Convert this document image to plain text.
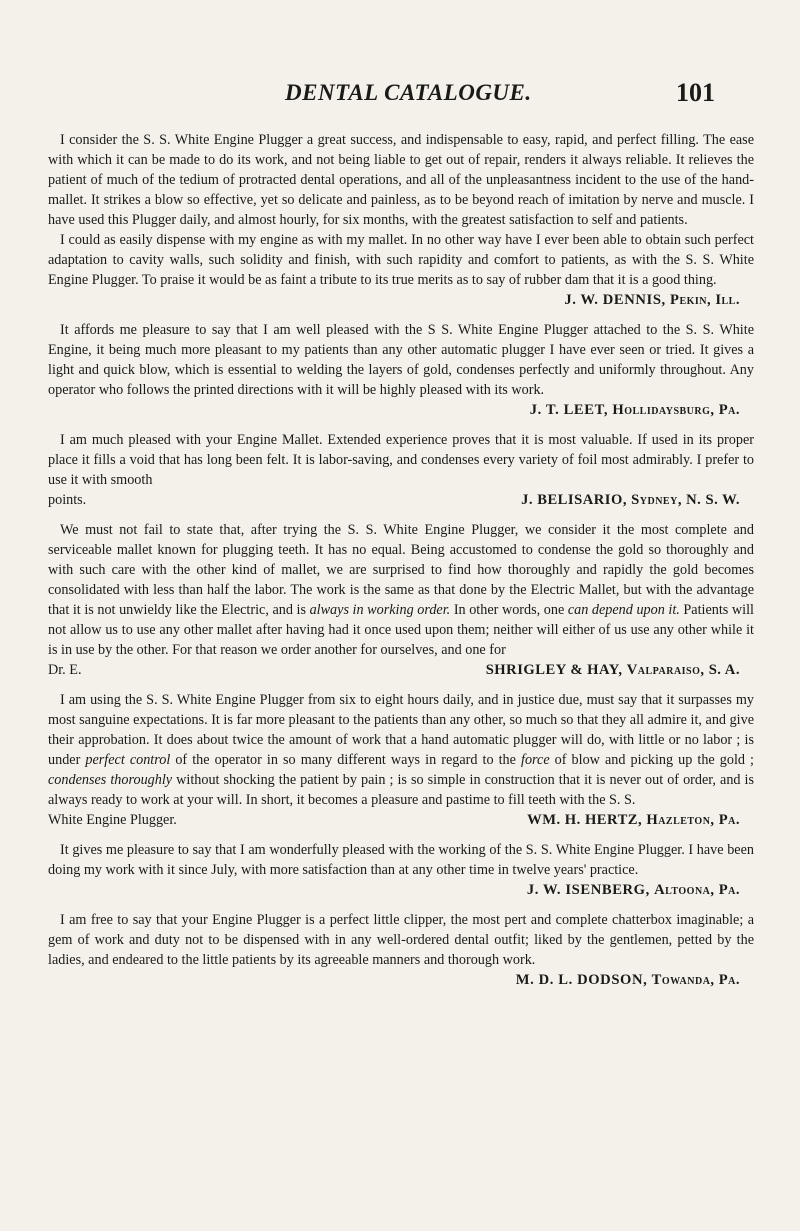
DENTAL CATALOGUE.	101

I consider the S. S. White Engine Plugger a great success, and indispensable to easy, rapid, and perfect filling. The ease with which it can be made to do its work, and not being liable to get out of repair, renders it always reliable. It relieves the patient of much of the tedium of protracted dental operations, and all of the unpleasantness incident to the use of the hand-mallet. It strikes a blow so effective, yet so delicate and painless, as to be beyond reach of imitation by nerve and muscle. I have used this Plugger daily, and almost hourly, for six months, with the greatest satisfaction to self and patients.

I could as easily dispense with my engine as with my mallet. In no other way have I ever been able to obtain such perfect adaptation to cavity walls, such solidity and finish, with such rapidity and comfort to patients, as with the S. S. White Engine Plugger. To praise it would be as faint a tribute to its true merits as to say of rubber dam that it is a good thing.

J. W. DENNIS, Pekin, Ill.

It affords me pleasure to say that I am well pleased with the S S. White Engine Plugger attached to the S. S. White Engine, it being much more pleasant to my patients than any other automatic plugger I have ever seen or tried. It gives a light and quick blow, which is essential to welding the layers of gold, condenses perfectly and uniformly throughout. Any operator who follows the printed directions with it will be highly pleased with its work.

J. T. LEET, Hollidaysburg, Pa.

I am much pleased with your Engine Mallet. Extended experience proves that it is most valuable. If used in its proper place it fills a void that has long been felt. It is labor-saving, and condenses every variety of foil most admirably. I prefer to use it with smooth

points.	J. BELISARIO, Sydney, N. S. W.

We must not fail to state that, after trying the S. S. White Engine Plugger, we consider it the most complete and serviceable mallet known for plugging teeth. It has no equal. Being accustomed to condense the gold so thoroughly and with such care with the other kind of mallet, we are surprised to find how thoroughly and rapidly the gold becomes consolidated with less than half the labor. The work is the same as that done by the Electric Mallet, but with the advantage that it is not unwieldy like the Electric, and is always in working order. In other words, one can depend upon it. Patients will not allow us to use any other mallet after having had it once used upon them; neither will either of us use any other while it is in use by the other. For that reason we order another for ourselves, and one for

Dr. E.	SHRIGLEY & HAY, Valparaiso, S. A.

I am using the S. S. White Engine Plugger from six to eight hours daily, and in justice due, must say that it surpasses my most sanguine expectations. It is far more pleasant to the patients than any other, so much so that they all admire it, and give their approbation. It does about twice the amount of work that a hand automatic plugger will do, with little or no labor ; is under perfect control of the operator in so many different ways in regard to the force of blow and picking up the gold ; condenses thoroughly without shocking the patient by pain ; is so simple in construction that it is never out of order, and is always ready to work at your will. In short, it becomes a pleasure and pastime to fill teeth with the S. S.

White Engine Plugger.	WM. H. HERTZ, Hazleton, Pa.

It gives me pleasure to say that I am wonderfully pleased with the working of the S. S. White Engine Plugger. I have been doing my work with it since July, with more satisfaction than at any other time in twelve years' practice.

J. W. ISENBERG, Altoona, Pa.

I am free to say that your Engine Plugger is a perfect little clipper, the most pert and complete chatterbox imaginable; a gem of work and duty not to be dispensed with in any well-ordered dental outfit; liked by the gentlemen, petted by the ladies, and endeared to the little patients by its agreeable manners and thorough work.

M. D. L. DODSON, Towanda, Pa.
